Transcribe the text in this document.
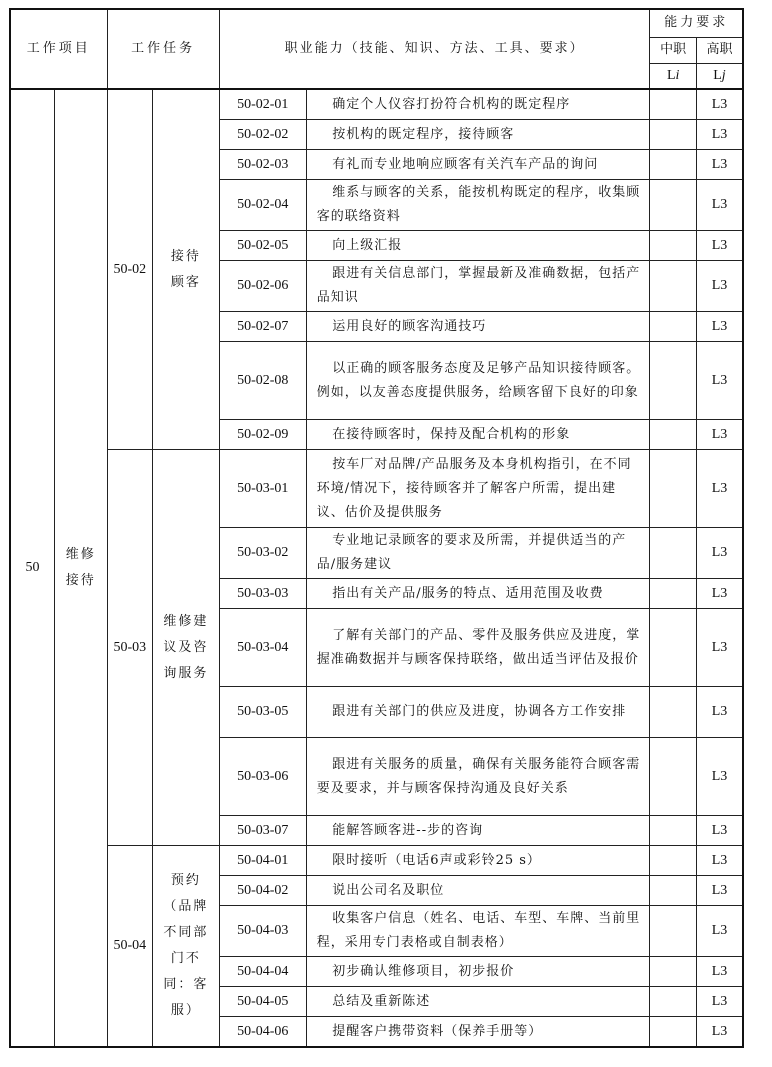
工作项目		工作任务		职业能力（技能、知识、方法、工具、要求）		能力要求	
						中职	高职
						Li	Lj
50	维修接待	50-02	接待顾客	50-02-01	确定个人仪容打扮符合机构的既定程序		L3
				50-02-02	按机构的既定程序，接待顾客		L3
				50-02-03	有礼而专业地响应顾客有关汽车产品的询问		L3
				50-02-04	维系与顾客的关系，能按机构既定的程序，收集顾客的联络资料		L3
				50-02-05	向上级汇报		L3
				50-02-06	跟进有关信息部门，掌握最新及准确数据，包括产品知识		L3
				50-02-07	运用良好的顾客沟通技巧		L3
				50-02-08	以正确的顾客服务态度及足够产品知识接待顾客。例如，以友善态度提供服务，给顾客留下良好的印象		L3
				50-02-09	在接待顾客时，保持及配合机构的形象		L3
		50-03	维修建议及咨询服务	50-03-01	按车厂对品牌/产品服务及本身机构指引，在不同环境/情况下，接待顾客并了解客户所需，提出建议、估价及提供服务		L3
				50-03-02	专业地记录顾客的要求及所需，并提供适当的产品/服务建议		L3
				50-03-03	指出有关产品/服务的特点、适用范围及收费		L3
				50-03-04	了解有关部门的产品、零件及服务供应及进度，掌握准确数据并与顾客保持联络，做出适当评估及报价		L3
				50-03-05	跟进有关部门的供应及进度，协调各方工作安排		L3
				50-03-06	跟进有关服务的质量，确保有关服务能符合顾客需要及要求，并与顾客保持沟通及良好关系		L3
				50-03-07	能解答顾客进--步的咨询		L3
		50-04	预约（品牌不同部门不同：客服）	50-04-01	限时接听（电话6声或彩铃25 s）		L3
				50-04-02	说出公司名及职位		L3
				50-04-03	收集客户信息（姓名、电话、车型、车牌、当前里程，采用专门表格或自制表格）		L3
				50-04-04	初步确认维修项目，初步报价		L3
				50-04-05	总结及重新陈述		L3
				50-04-06	提醒客户携带资料（保养手册等）		L3
